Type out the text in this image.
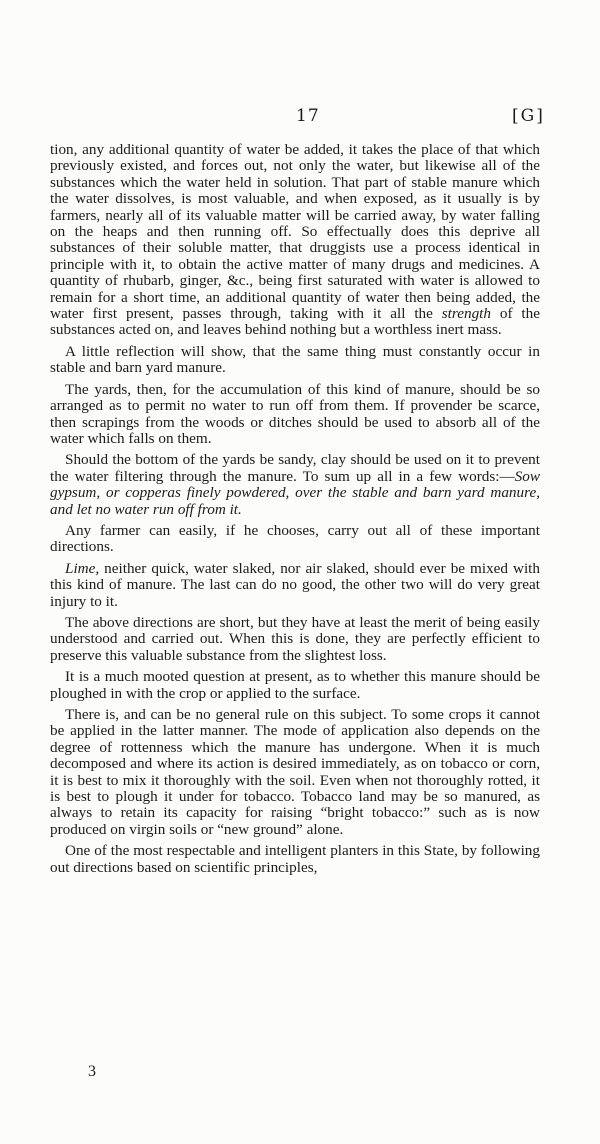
17	[G]

tion, any additional quantity of water be added, it takes the place of that which previously existed, and forces out, not only the water, but likewise all of the substances which the water held in solution. That part of stable manure which the water dissolves, is most valuable, and when exposed, as it usually is by farmers, nearly all of its valuable matter will be carried away, by water falling on the heaps and then running off. So effectually does this deprive all substances of their soluble matter, that druggists use a process identical in principle with it, to obtain the active matter of many drugs and medicines. A quantity of rhubarb, ginger, &c., being first saturated with water is allowed to remain for a short time, an additional quantity of water then being added, the water first present, passes through, taking with it all the strength of the substances acted on, and leaves behind nothing but a worthless inert mass.

A little reflection will show, that the same thing must constantly occur in stable and barn yard manure.

The yards, then, for the accumulation of this kind of manure, should be so arranged as to permit no water to run off from them. If provender be scarce, then scrapings from the woods or ditches should be used to absorb all of the water which falls on them.

Should the bottom of the yards be sandy, clay should be used on it to prevent the water filtering through the manure. To sum up all in a few words:—Sow gypsum, or copperas finely powdered, over the stable and barn yard manure, and let no water run off from it.

Any farmer can easily, if he chooses, carry out all of these important directions.

Lime, neither quick, water slaked, nor air slaked, should ever be mixed with this kind of manure. The last can do no good, the other two will do very great injury to it.

The above directions are short, but they have at least the merit of being easily understood and carried out. When this is done, they are perfectly efficient to preserve this valuable substance from the slightest loss.

It is a much mooted question at present, as to whether this manure should be ploughed in with the crop or applied to the surface.

There is, and can be no general rule on this subject. To some crops it cannot be applied in the latter manner. The mode of application also depends on the degree of rottenness which the manure has undergone. When it is much decomposed and where its action is desired immediately, as on tobacco or corn, it is best to mix it thoroughly with the soil. Even when not thoroughly rotted, it is best to plough it under for tobacco. Tobacco land may be so manured, as always to retain its capacity for raising “bright tobacco:” such as is now produced on virgin soils or “new ground” alone.

One of the most respectable and intelligent planters in this State, by following out directions based on scientific principles,

3
